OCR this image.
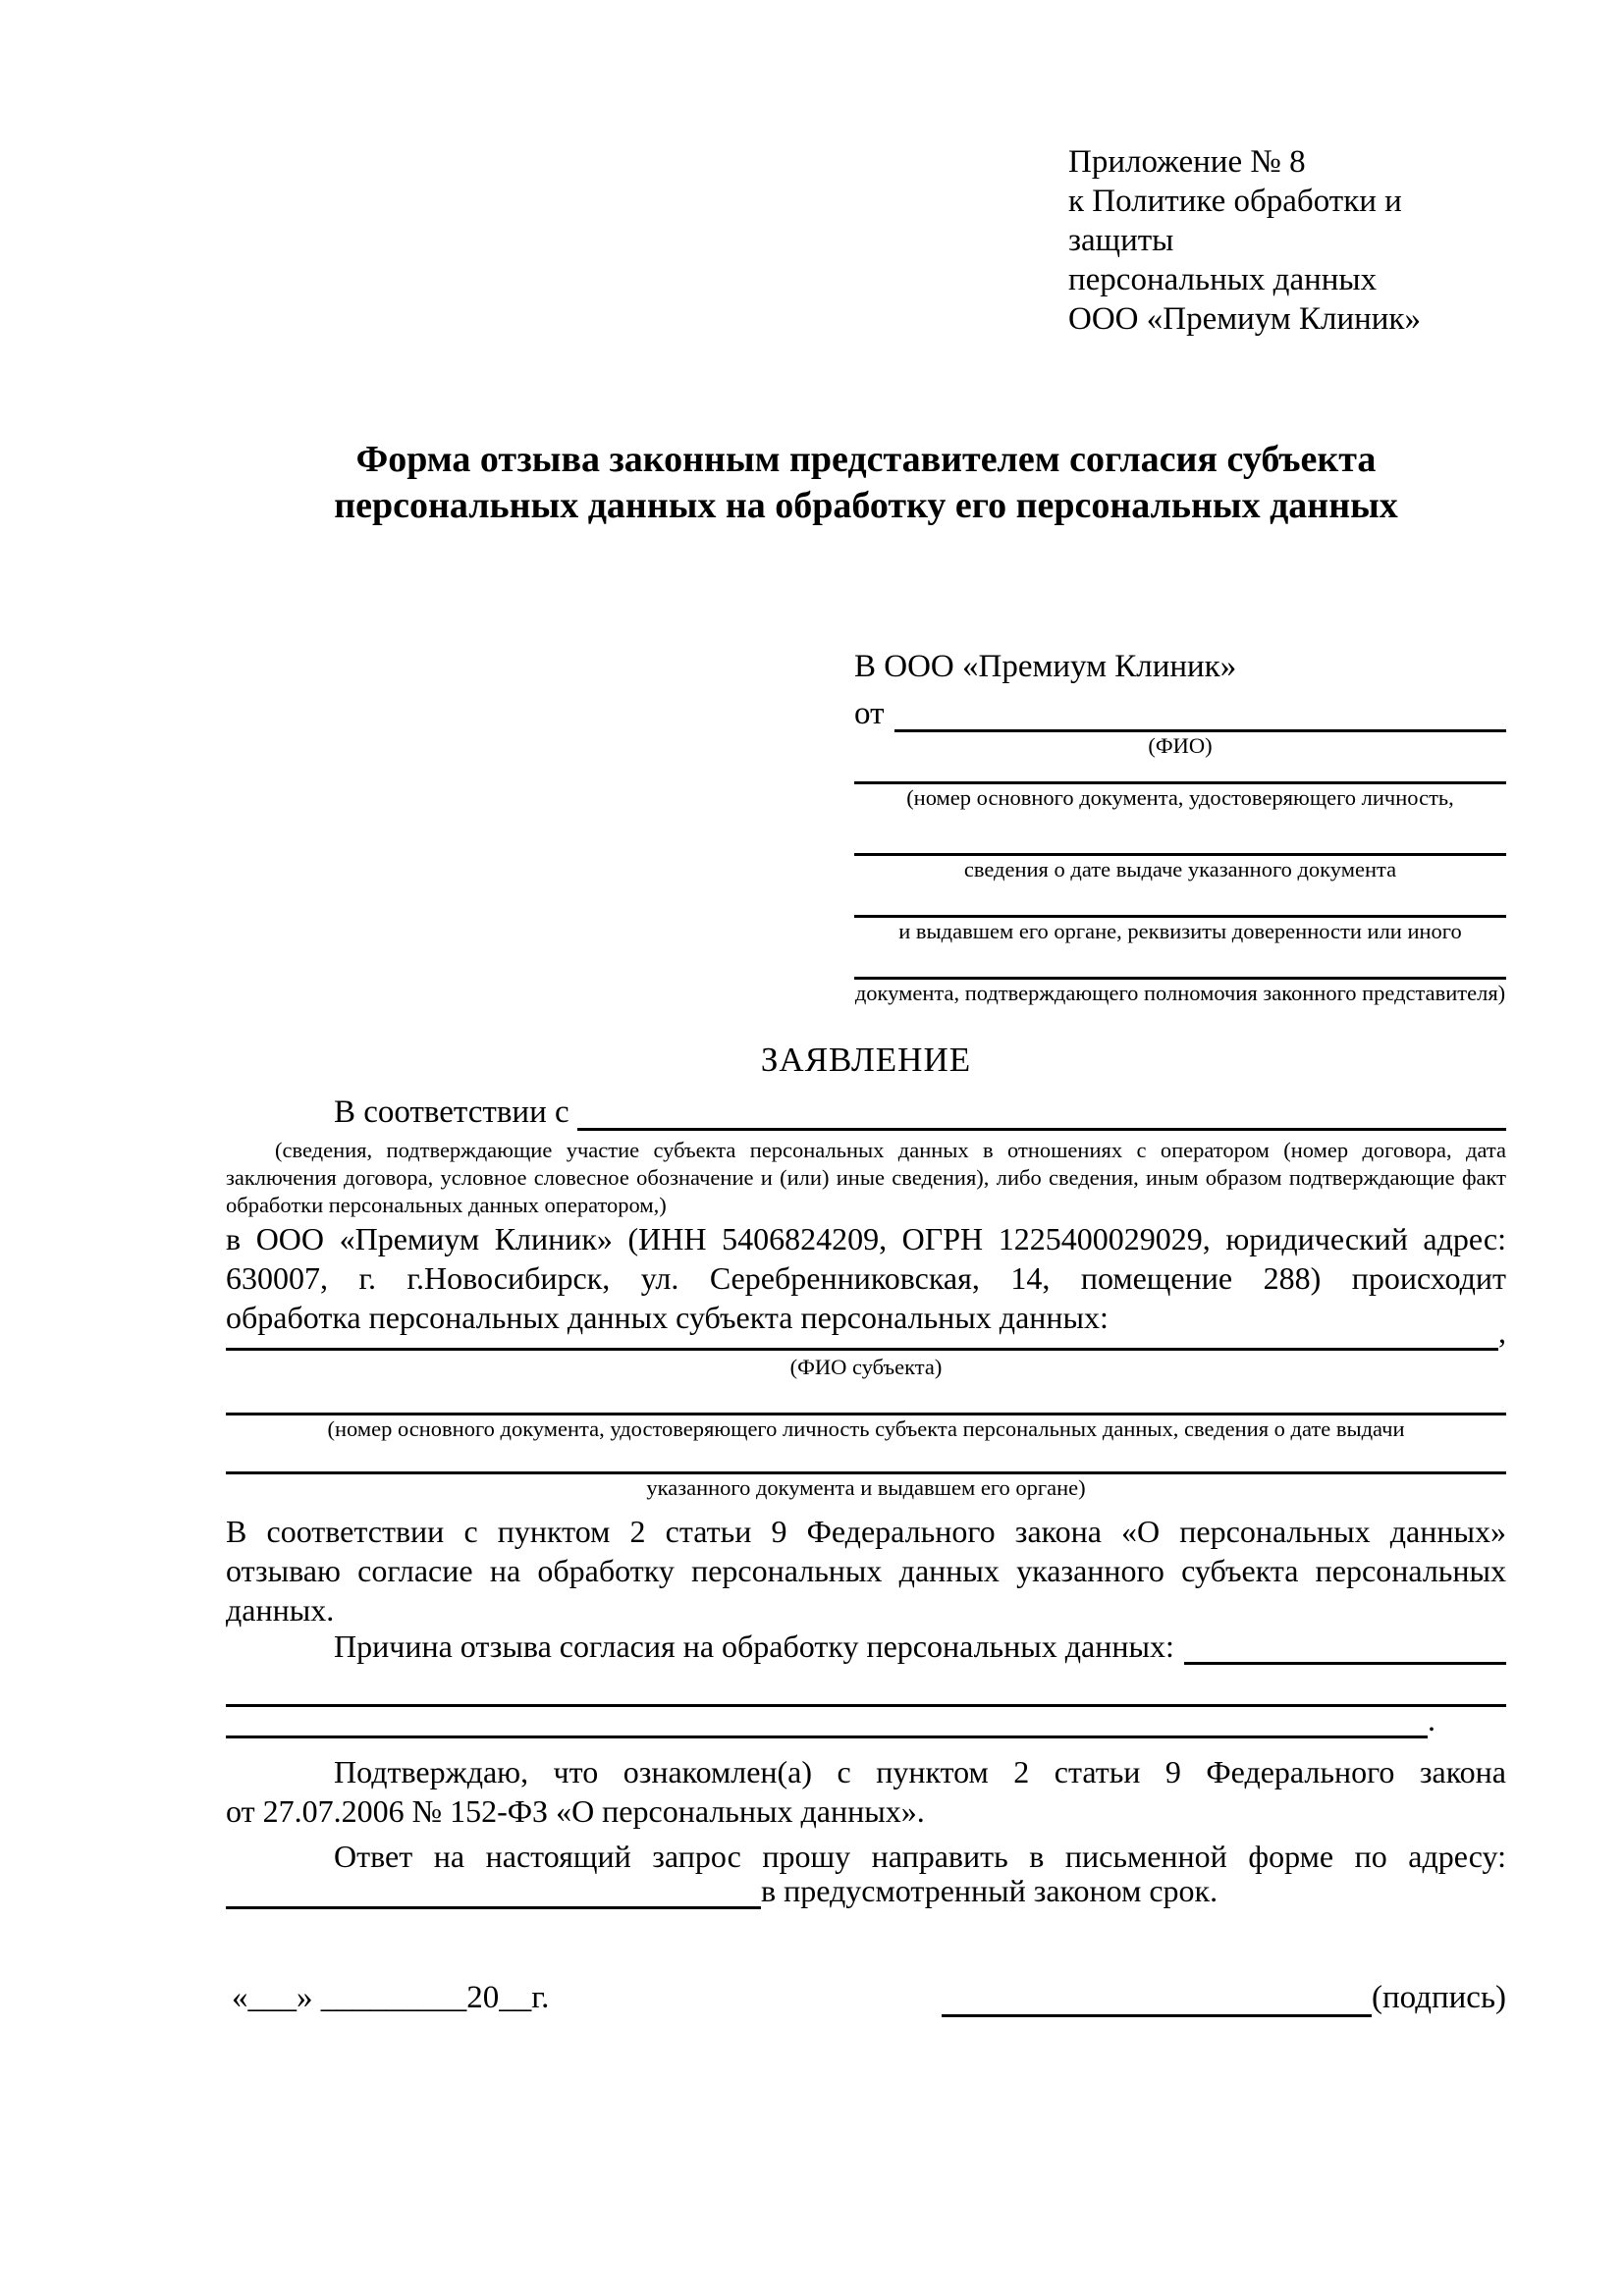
Приложение № 8
к Политике обработки и защиты
персональных данных
ООО «Премиум Клиник»
Форма отзыва законным представителем согласия субъекта
персональных данных на обработку его персональных данных
В ООО «Премиум Клиник»
от
(ФИО)
(номер основного документа, удостоверяющего личность,
сведения о дате выдаче указанного документа
и выдавшем его органе, реквизиты доверенности или иного
документа, подтверждающего полномочия законного представителя)
ЗАЯВЛЕНИЕ
В соответствии с
(сведения, подтверждающие участие субъекта персональных данных в отношениях с оператором (номер договора, дата
заключения договора, условное словесное обозначение и (или) иные сведения), либо сведения, иным образом подтверждающие факт
обработки персональных данных оператором,)
в ООО «Премиум Клиник» (ИНН 5406824209, ОГРН 1225400029029, юридический адрес:
630007, г. г.Новосибирск, ул. Серебренниковская, 14, помещение 288) происходит
обработка персональных данных субъекта персональных данных:	,
(ФИО субъекта)
(номер основного документа, удостоверяющего личность субъекта персональных данных, сведения о дате выдачи
указанного документа и выдавшем его органе)
В соответствии с пунктом 2 статьи 9 Федерального закона «О персональных данных»
отзываю согласие на обработку персональных данных указанного субъекта персональных
данных.
Причина отзыва согласия на обработку персональных данных:
.
Подтверждаю, что ознакомлен(а) с пунктом 2 статьи 9 Федерального закона
от 27.07.2006 № 152-ФЗ «О персональных данных».
Ответ на настоящий запрос прошу направить в письменной форме по адресу:
в предусмотренный законом срок.
«___» _________20__г.	(подпись)
